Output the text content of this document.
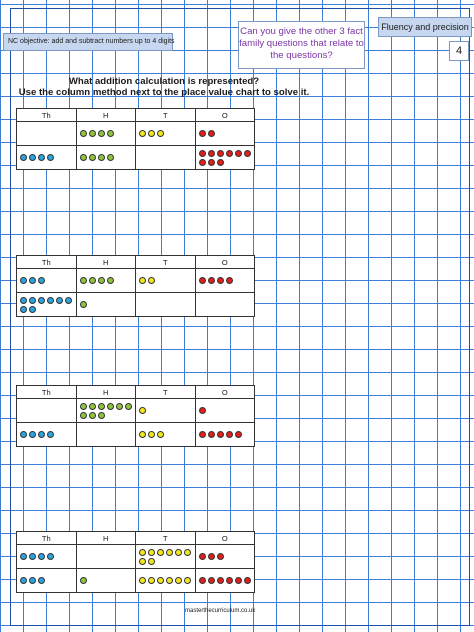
NC objective: add and subtract numbers up to 4 digits
Can you give the other 3 fact family questions that relate to the questions?
Fluency and precision
4
What addition calculation is represented?
Use the column method next to the place value chart to solve it.
Th	H	T	O

Th	H	T	O

Th	H	T	O

Th	H	T	O

masterthecurriculum.co.uk
